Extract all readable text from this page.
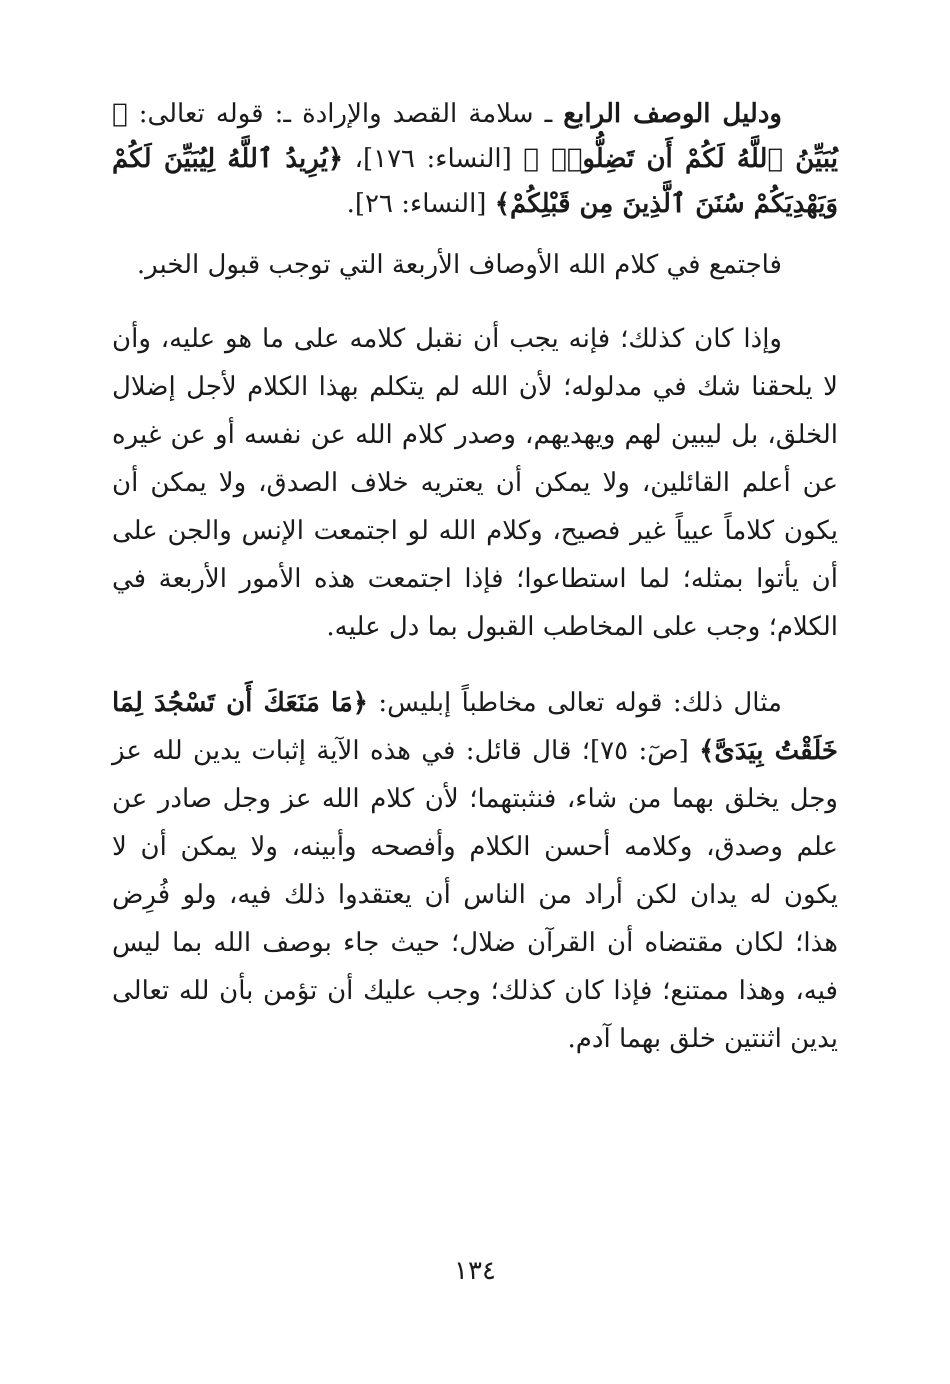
ودليل الوصف الرابع ـ سلامة القصد والإرادة ـ: قوله تعالى: ﴿ يُبَيِّنُ ٱللَّهُ لَكُمْ أَن تَضِلُّوا۟ ﴾ [النساء: ١٧٦]، ﴿يُرِيدُ ٱللَّهُ لِيُبَيِّنَ لَكُمْ وَيَهْدِيَكُمْ سُنَنَ ٱلَّذِينَ مِن قَبْلِكُمْ﴾ [النساء: ٢٦].

فاجتمع في كلام الله الأوصاف الأربعة التي توجب قبول الخبر.

وإذا كان كذلك؛ فإنه يجب أن نقبل كلامه على ما هو عليه، وأن لا يلحقنا شك في مدلوله؛ لأن الله لم يتكلم بهذا الكلام لأجل إضلال الخلق، بل ليبين لهم ويهديهم، وصدر كلام الله عن نفسه أو عن غيره عن أعلم القائلين، ولا يمكن أن يعتريه خلاف الصدق، ولا يمكن أن يكون كلاماً عيياً غير فصيح، وكلام الله لو اجتمعت الإنس والجن على أن يأتوا بمثله؛ لما استطاعوا؛ فإذا اجتمعت هذه الأمور الأربعة في الكلام؛ وجب على المخاطب القبول بما دل عليه.

مثال ذلك: قوله تعالى مخاطباً إبليس: ﴿مَا مَنَعَكَ أَن تَسْجُدَ لِمَا خَلَقْتُ بِيَدَىَّ﴾ [صٓ: ٧٥]؛ قال قائل: في هذه الآية إثبات يدين لله عز وجل يخلق بهما من شاء، فنثبتهما؛ لأن كلام الله عز وجل صادر عن علم وصدق، وكلامه أحسن الكلام وأفصحه وأبينه، ولا يمكن أن لا يكون له يدان لكن أراد من الناس أن يعتقدوا ذلك فيه، ولو فُرِض هذا؛ لكان مقتضاه أن القرآن ضلال؛ حيث جاء بوصف الله بما ليس فيه، وهذا ممتنع؛ فإذا كان كذلك؛ وجب عليك أن تؤمن بأن لله تعالى يدين اثنتين خلق بهما آدم.

١٣٤
